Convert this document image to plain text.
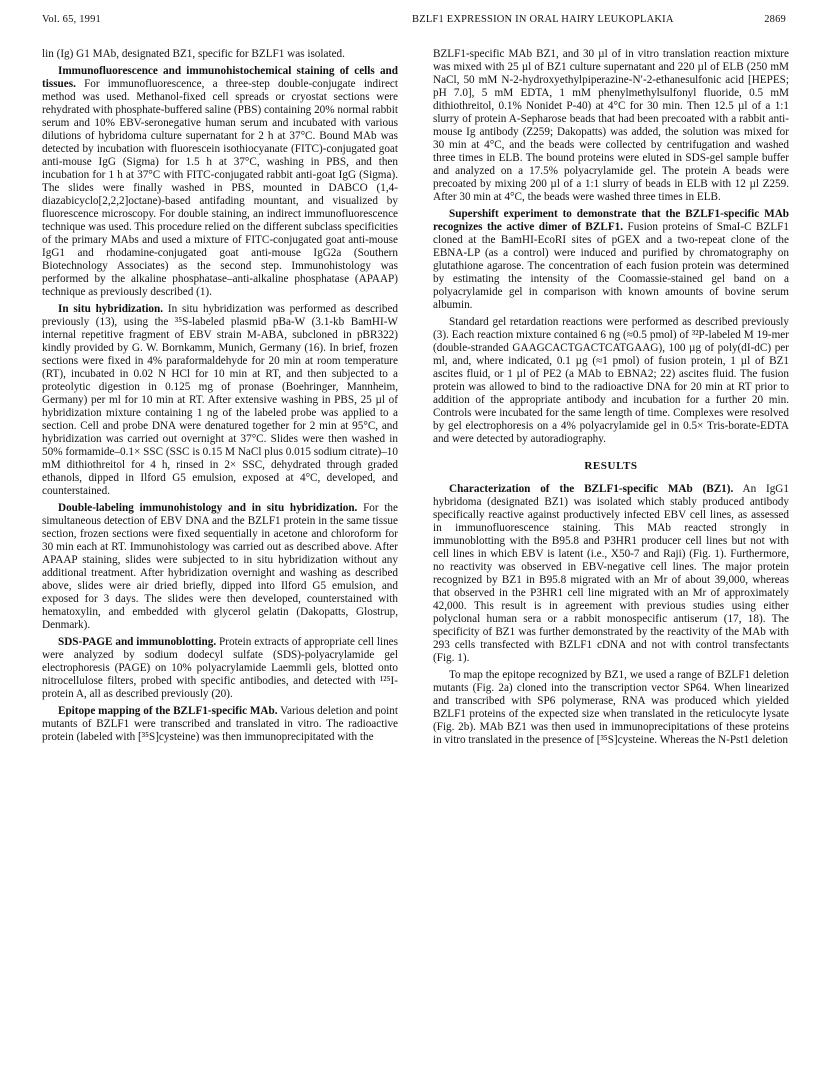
Vol. 65, 1991	BZLF1 EXPRESSION IN ORAL HAIRY LEUKOPLAKIA	2869

lin (Ig) G1 MAb, designated BZ1, specific for BZLF1 was isolated.

Immunofluorescence and immunohistochemical staining of cells and tissues. For immunofluorescence, a three-step double-conjugate indirect method was used. Methanol-fixed cell spreads or cryostat sections were rehydrated with phosphate-buffered saline (PBS) containing 20% normal rabbit serum and 10% EBV-seronegative human serum and incubated with various dilutions of hybridoma culture supernatant for 2 h at 37°C. Bound MAb was detected by incubation with fluorescein isothiocyanate (FITC)-conjugated goat anti-mouse IgG (Sigma) for 1.5 h at 37°C, washing in PBS, and then incubation for 1 h at 37°C with FITC-conjugated rabbit anti-goat IgG (Sigma). The slides were finally washed in PBS, mounted in DABCO (1,4-diazabicyclo[2,2,2]octane)-based antifading mountant, and visualized by fluorescence microscopy. For double staining, an indirect immunofluorescence technique was used. This procedure relied on the different subclass specificities of the primary MAbs and used a mixture of FITC-conjugated goat anti-mouse IgG1 and rhodamine-conjugated goat anti-mouse IgG2a (Southern Biotechnology Associates) as the second step. Immunohistology was performed by the alkaline phosphatase–anti-alkaline phosphatase (APAAP) technique as previously described (1).

In situ hybridization. In situ hybridization was performed as described previously (13), using the ³⁵S-labeled plasmid pBa-W (3.1-kb BamHI-W internal repetitive fragment of EBV strain M-ABA, subcloned in pBR322) kindly provided by G. W. Bornkamm, Munich, Germany (16). In brief, frozen sections were fixed in 4% paraformaldehyde for 20 min at room temperature (RT), incubated in 0.02 N HCl for 10 min at RT, and then subjected to a proteolytic digestion in 0.125 mg of pronase (Boehringer, Mannheim, Germany) per ml for 10 min at RT. After extensive washing in PBS, 25 µl of hybridization mixture containing 1 ng of the labeled probe was applied to a section. Cell and probe DNA were denatured together for 2 min at 95°C, and hybridization was carried out overnight at 37°C. Slides were then washed in 50% formamide–0.1× SSC (SSC is 0.15 M NaCl plus 0.015 sodium citrate)–10 mM dithiothreitol for 4 h, rinsed in 2× SSC, dehydrated through graded ethanols, dipped in Ilford G5 emulsion, exposed at 4°C, developed, and counterstained.

Double-labeling immunohistology and in situ hybridization. For the simultaneous detection of EBV DNA and the BZLF1 protein in the same tissue section, frozen sections were fixed sequentially in acetone and chloroform for 30 min each at RT. Immunohistology was carried out as described above. After APAAP staining, slides were subjected to in situ hybridization without any additional treatment. After hybridization overnight and washing as described above, slides were air dried briefly, dipped into Ilford G5 emulsion, and exposed for 3 days. The slides were then developed, counterstained with hematoxylin, and embedded with glycerol gelatin (Dakopatts, Glostrup, Denmark).

SDS-PAGE and immunoblotting. Protein extracts of appropriate cell lines were analyzed by sodium dodecyl sulfate (SDS)-polyacrylamide gel electrophoresis (PAGE) on 10% polyacrylamide Laemmli gels, blotted onto nitrocellulose filters, probed with specific antibodies, and detected with ¹²⁵I-protein A, all as described previously (20).

Epitope mapping of the BZLF1-specific MAb. Various deletion and point mutants of BZLF1 were transcribed and translated in vitro. The radioactive protein (labeled with [³⁵S]cysteine) was then immunoprecipitated with the

BZLF1-specific MAb BZ1, and 30 µl of in vitro translation reaction mixture was mixed with 25 µl of BZ1 culture supernatant and 220 µl of ELB (250 mM NaCl, 50 mM N-2-hydroxyethylpiperazine-N′-2-ethanesulfonic acid [HEPES; pH 7.0], 5 mM EDTA, 1 mM phenylmethylsulfonyl fluoride, 0.5 mM dithiothreitol, 0.1% Nonidet P-40) at 4°C for 30 min. Then 12.5 µl of a 1:1 slurry of protein A-Sepharose beads that had been precoated with a rabbit anti-mouse Ig antibody (Z259; Dakopatts) was added, the solution was mixed for 30 min at 4°C, and the beads were collected by centrifugation and washed three times in ELB. The bound proteins were eluted in SDS-gel sample buffer and analyzed on a 17.5% polyacrylamide gel. The protein A beads were precoated by mixing 200 µl of a 1:1 slurry of beads in ELB with 12 µl Z259. After 30 min at 4°C, the beads were washed three times in ELB.

Supershift experiment to demonstrate that the BZLF1-specific MAb recognizes the active dimer of BZLF1. Fusion proteins of SmaI-C BZLF1 cloned at the BamHI-EcoRI sites of pGEX and a two-repeat clone of the EBNA-LP (as a control) were induced and purified by chromatography on glutathione agarose. The concentration of each fusion protein was determined by estimating the intensity of the Coomassie-stained gel band on a polyacrylamide gel in comparison with known amounts of bovine serum albumin.

Standard gel retardation reactions were performed as described previously (3). Each reaction mixture contained 6 ng (≈0.5 pmol) of ³²P-labeled M 19-mer (double-stranded GAAGCACTGACTCATGAAG), 100 µg of poly(dI-dC) per ml, and, where indicated, 0.1 µg (≈1 pmol) of fusion protein, 1 µl of BZ1 ascites fluid, or 1 µl of PE2 (a MAb to EBNA2; 22) ascites fluid. The fusion protein was allowed to bind to the radioactive DNA for 20 min at RT prior to addition of the appropriate antibody and incubation for a further 20 min. Controls were incubated for the same length of time. Complexes were resolved by gel electrophoresis on a 4% polyacrylamide gel in 0.5× Tris-borate-EDTA and were detected by autoradiography.

RESULTS

Characterization of the BZLF1-specific MAb (BZ1). An IgG1 hybridoma (designated BZ1) was isolated which stably produced antibody specifically reactive against productively infected EBV cell lines, as assessed in immunofluorescence staining. This MAb reacted strongly in immunoblotting with the B95.8 and P3HR1 producer cell lines but not with cell lines in which EBV is latent (i.e., X50-7 and Raji) (Fig. 1). Furthermore, no reactivity was observed in EBV-negative cell lines. The major protein recognized by BZ1 in B95.8 migrated with an Mr of about 39,000, whereas that observed in the P3HR1 cell line migrated with an Mr of approximately 42,000. This result is in agreement with previous studies using either polyclonal human sera or a rabbit monospecific antiserum (17, 18). The specificity of BZ1 was further demonstrated by the reactivity of the MAb with 293 cells transfected with BZLF1 cDNA and not with control transfectants (Fig. 1).

To map the epitope recognized by BZ1, we used a range of BZLF1 deletion mutants (Fig. 2a) cloned into the transcription vector SP64. When linearized and transcribed with SP6 polymerase, RNA was produced which yielded BZLF1 proteins of the expected size when translated in the reticulocyte lysate (Fig. 2b). MAb BZ1 was then used in immunoprecipitations of these proteins in vitro translated in the presence of [³⁵S]cysteine. Whereas the N-Pst1 deletion
